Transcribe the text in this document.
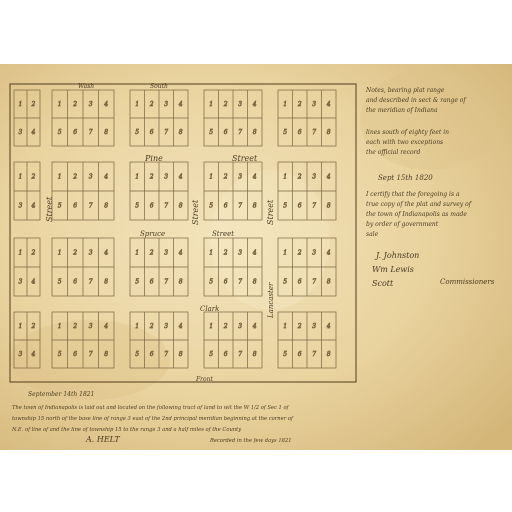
1 2
3 4
1 2 3 4
5 6 7 8
1 2 3 4
5 6 7 8
1 2 3 4
5 6 7 8
1 2 3 4
5 6 7 8
1 2
3 4
1 2 3 4
5 6 7 8
1 2 3 4
5 6 7 8
1 2 3 4
5 6 7 8
1 2 3 4
5 6 7 8
1 2
3 4
1 2 3 4
5 6 7 8
1 2 3 4
5 6 7 8
1 2 3 4
5 6 7 8
1 2 3 4
5 6 7 8
1 2
3 4
1 2 3 4
5 6 7 8
1 2 3 4
5 6 7 8
1 2 3 4
5 6 7 8
1 2 3 4
5 6 7 8
Wash	South
Pine	Street
Street	Street	Street
Spruce	Street
Lancaster
Clark
Front
Notes, bearing plat range
and described in sect & range of
the meridian of Indiana
lines south of eighty feet in
each with two exceptions
the official record
Sept 15th 1820
I certify that the foregoing is a
true copy of the plat and survey of
the town of Indianapolis as made
by order of government
sale
J. Johnston
Wm Lewis
Scott	Commissioners
September 14th 1821
The town of Indianapolis is laid out and located on the following tract of land to wit the W 1/2 of Sec 1 of
township 15 north of the base line of range 3 east of the 2nd principal meridian beginning at the corner of
N.E. of line of and the line of township 15 to the range 3 and a half miles of the County
A. HELT	Recorded in the few days 1821
